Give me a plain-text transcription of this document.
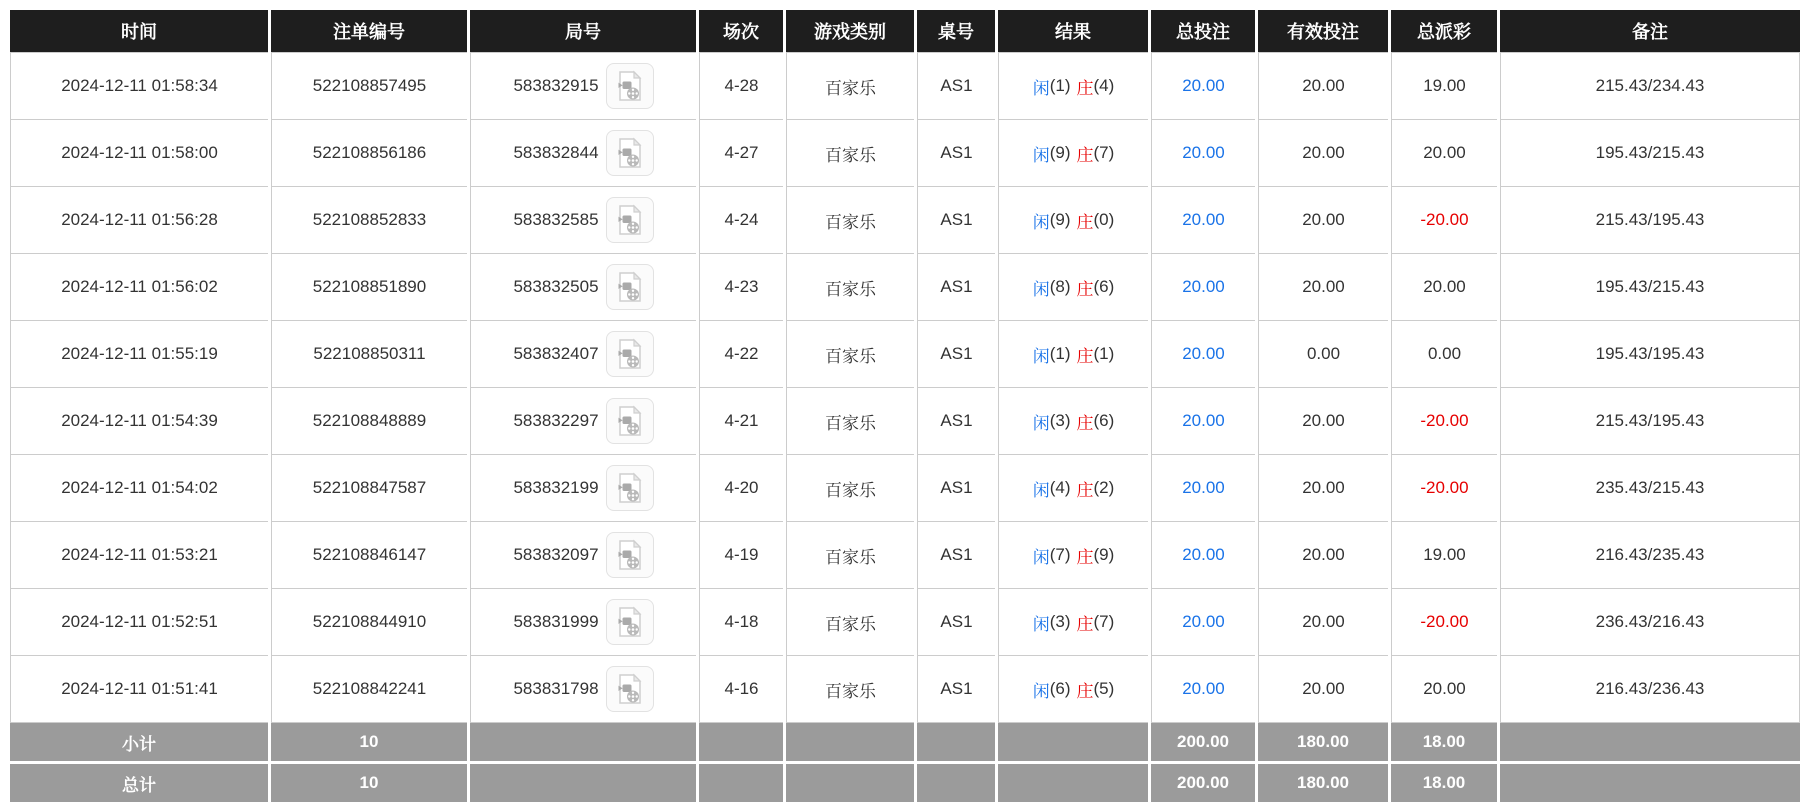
时间	注单编号	局号	场次	游戏类别	桌号	结果	总投注	有效投注	总派彩	备注
2024-12-11 01:58:34	522108857495	583832915	4-28	百家乐	AS1	闲 (1) 庄 (4)	20.00	20.00	19.00	215.43/234.43
2024-12-11 01:58:00	522108856186	583832844	4-27	百家乐	AS1	闲 (9) 庄 (7)	20.00	20.00	20.00	195.43/215.43
2024-12-11 01:56:28	522108852833	583832585	4-24	百家乐	AS1	闲 (9) 庄 (0)	20.00	20.00	-20.00	215.43/195.43
2024-12-11 01:56:02	522108851890	583832505	4-23	百家乐	AS1	闲 (8) 庄 (6)	20.00	20.00	20.00	195.43/215.43
2024-12-11 01:55:19	522108850311	583832407	4-22	百家乐	AS1	闲 (1) 庄 (1)	20.00	0.00	0.00	195.43/195.43
2024-12-11 01:54:39	522108848889	583832297	4-21	百家乐	AS1	闲 (3) 庄 (6)	20.00	20.00	-20.00	215.43/195.43
2024-12-11 01:54:02	522108847587	583832199	4-20	百家乐	AS1	闲 (4) 庄 (2)	20.00	20.00	-20.00	235.43/215.43
2024-12-11 01:53:21	522108846147	583832097	4-19	百家乐	AS1	闲 (7) 庄 (9)	20.00	20.00	19.00	216.43/235.43
2024-12-11 01:52:51	522108844910	583831999	4-18	百家乐	AS1	闲 (3) 庄 (7)	20.00	20.00	-20.00	236.43/216.43
2024-12-11 01:51:41	522108842241	583831798	4-16	百家乐	AS1	闲 (6) 庄 (5)	20.00	20.00	20.00	216.43/236.43
小计	10						200.00	180.00	18.00	
总计	10						200.00	180.00	18.00	
